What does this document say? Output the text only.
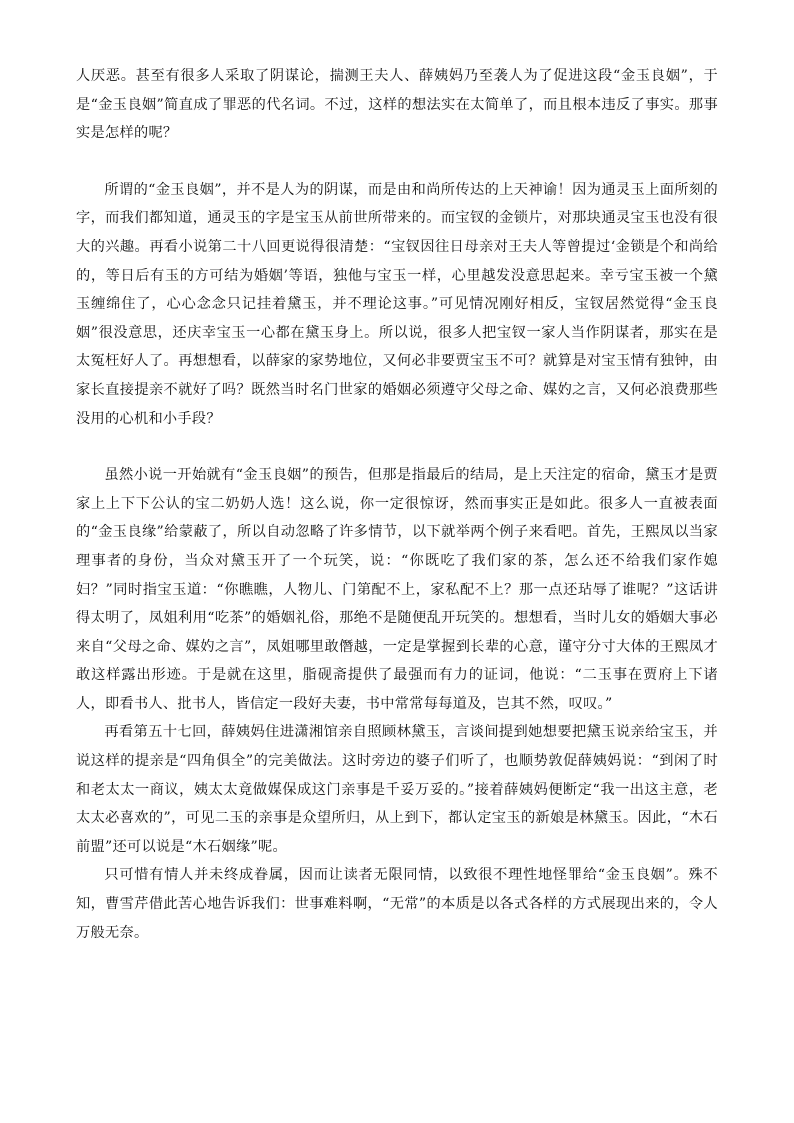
人厌恶。甚至有很多人采取了阴谋论，揣测王夫人、薛姨妈乃至袭人为了促进这段“金玉良姻”，于是“金玉良姻”简直成了罪恶的代名词。不过，这样的想法实在太简单了，而且根本违反了事实。那事实是怎样的呢？

所谓的“金玉良姻”，并不是人为的阴谋，而是由和尚所传达的上天神谕！因为通灵玉上面所刻的字，而我们都知道，通灵玉的字是宝玉从前世所带来的。而宝钗的金锁片，对那块通灵宝玉也没有很大的兴趣。再看小说第二十八回更说得很清楚：“宝钗因往日母亲对王夫人等曾提过‘金锁是个和尚给的，等日后有玉的方可结为婚姻’等语，独他与宝玉一样，心里越发没意思起来。幸亏宝玉被一个黛玉缠绵住了，心心念念只记挂着黛玉，并不理论这事。”可见情况刚好相反，宝钗居然觉得“金玉良姻”很没意思，还庆幸宝玉一心都在黛玉身上。所以说，很多人把宝钗一家人当作阴谋者，那实在是太冤枉好人了。再想想看，以薛家的家势地位，又何必非要贾宝玉不可？就算是对宝玉情有独钟，由家长直接提亲不就好了吗？既然当时名门世家的婚姻必须遵守父母之命、媒妁之言，又何必浪费那些没用的心机和小手段？

虽然小说一开始就有“金玉良姻”的预告，但那是指最后的结局，是上天注定的宿命，黛玉才是贾家上上下下公认的宝二奶奶人选！这么说，你一定很惊讶，然而事实正是如此。很多人一直被表面的“金玉良缘”给蒙蔽了，所以自动忽略了许多情节，以下就举两个例子来看吧。首先，王熙凤以当家理事者的身份，当众对黛玉开了一个玩笑，说：“你既吃了我们家的茶，怎么还不给我们家作媳妇？”同时指宝玉道：“你瞧瞧，人物儿、门第配不上，家私配不上？那一点还玷辱了谁呢？”这话讲得太明了，凤姐利用“吃茶”的婚姻礼俗，那绝不是随便乱开玩笑的。想想看，当时儿女的婚姻大事必来自“父母之命、媒妁之言”，凤姐哪里敢僭越，一定是掌握到长辈的心意，谨守分寸大体的王熙凤才敢这样露出形迹。于是就在这里，脂砚斋提供了最强而有力的证词，他说：“二玉事在贾府上下诸人，即看书人、批书人，皆信定一段好夫妻，书中常常每每道及，岂其不然，叹叹。”

再看第五十七回，薛姨妈住进潇湘馆亲自照顾林黛玉，言谈间提到她想要把黛玉说亲给宝玉，并说这样的提亲是“四角俱全”的完美做法。这时旁边的婆子们听了，也顺势敦促薛姨妈说：“到闲了时和老太太一商议，姨太太竟做媒保成这门亲事是千妥万妥的。”接着薛姨妈便断定“我一出这主意，老太太必喜欢的”，可见二玉的亲事是众望所归，从上到下，都认定宝玉的新娘是林黛玉。因此，“木石前盟”还可以说是“木石姻缘”呢。

只可惜有情人并未终成眷属，因而让读者无限同情，以致很不理性地怪罪给“金玉良姻”。殊不知，曹雪芹借此苦心地告诉我们：世事难料啊，“无常”的本质是以各式各样的方式展现出来的，令人万般无奈。
